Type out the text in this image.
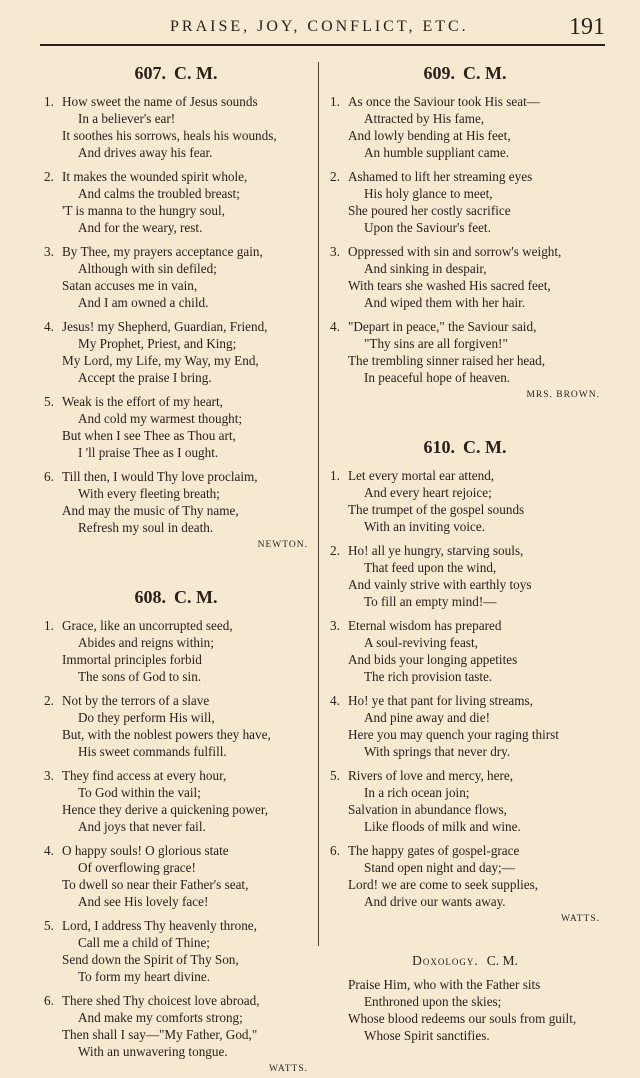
PRAISE, JOY, CONFLICT, ETC.	191
607. C. M.
1. How sweet the name of Jesus sounds
In a believer's ear!
It soothes his sorrows, heals his wounds,
And drives away his fear.
2. It makes the wounded spirit whole,
And calms the troubled breast;
'T is manna to the hungry soul,
And for the weary, rest.
3. By Thee, my prayers acceptance gain,
Although with sin defiled;
Satan accuses me in vain,
And I am owned a child.
4. Jesus! my Shepherd, Guardian, Friend,
My Prophet, Priest, and King;
My Lord, my Life, my Way, my End,
Accept the praise I bring.
5. Weak is the effort of my heart,
And cold my warmest thought;
But when I see Thee as Thou art,
I 'll praise Thee as I ought.
6. Till then, I would Thy love proclaim,
With every fleeting breath;
And may the music of Thy name,
Refresh my soul in death.
NEWTON.
608. C. M.
1. Grace, like an uncorrupted seed,
Abides and reigns within;
Immortal principles forbid
The sons of God to sin.
2. Not by the terrors of a slave
Do they perform His will,
But, with the noblest powers they have,
His sweet commands fulfill.
3. They find access at every hour,
To God within the vail;
Hence they derive a quickening power,
And joys that never fail.
4. O happy souls! O glorious state
Of overflowing grace!
To dwell so near their Father's seat,
And see His lovely face!
5. Lord, I address Thy heavenly throne,
Call me a child of Thine;
Send down the Spirit of Thy Son,
To form my heart divine.
6. There shed Thy choicest love abroad,
And make my comforts strong;
Then shall I say—"My Father, God,"
With an unwavering tongue.
WATTS.
609. C. M.
1. As once the Saviour took His seat—
Attracted by His fame,
And lowly bending at His feet,
An humble suppliant came.
2. Ashamed to lift her streaming eyes
His holy glance to meet,
She poured her costly sacrifice
Upon the Saviour's feet.
3. Oppressed with sin and sorrow's weight,
And sinking in despair,
With tears she washed His sacred feet,
And wiped them with her hair.
4. "Depart in peace," the Saviour said,
"Thy sins are all forgiven!"
The trembling sinner raised her head,
In peaceful hope of heaven.
MRS. BROWN.
610. C. M.
1. Let every mortal ear attend,
And every heart rejoice;
The trumpet of the gospel sounds
With an inviting voice.
2. Ho! all ye hungry, starving souls,
That feed upon the wind,
And vainly strive with earthly toys
To fill an empty mind!—
3. Eternal wisdom has prepared
A soul-reviving feast,
And bids your longing appetites
The rich provision taste.
4. Ho! ye that pant for living streams,
And pine away and die!
Here you may quench your raging thirst
With springs that never dry.
5. Rivers of love and mercy, here,
In a rich ocean join;
Salvation in abundance flows,
Like floods of milk and wine.
6. The happy gates of gospel-grace
Stand open night and day;—
Lord! we are come to seek supplies,
And drive our wants away.
WATTS.
Doxology. C. M.
Praise Him, who with the Father sits
Enthroned upon the skies;
Whose blood redeems our souls from guilt,
Whose Spirit sanctifies.
